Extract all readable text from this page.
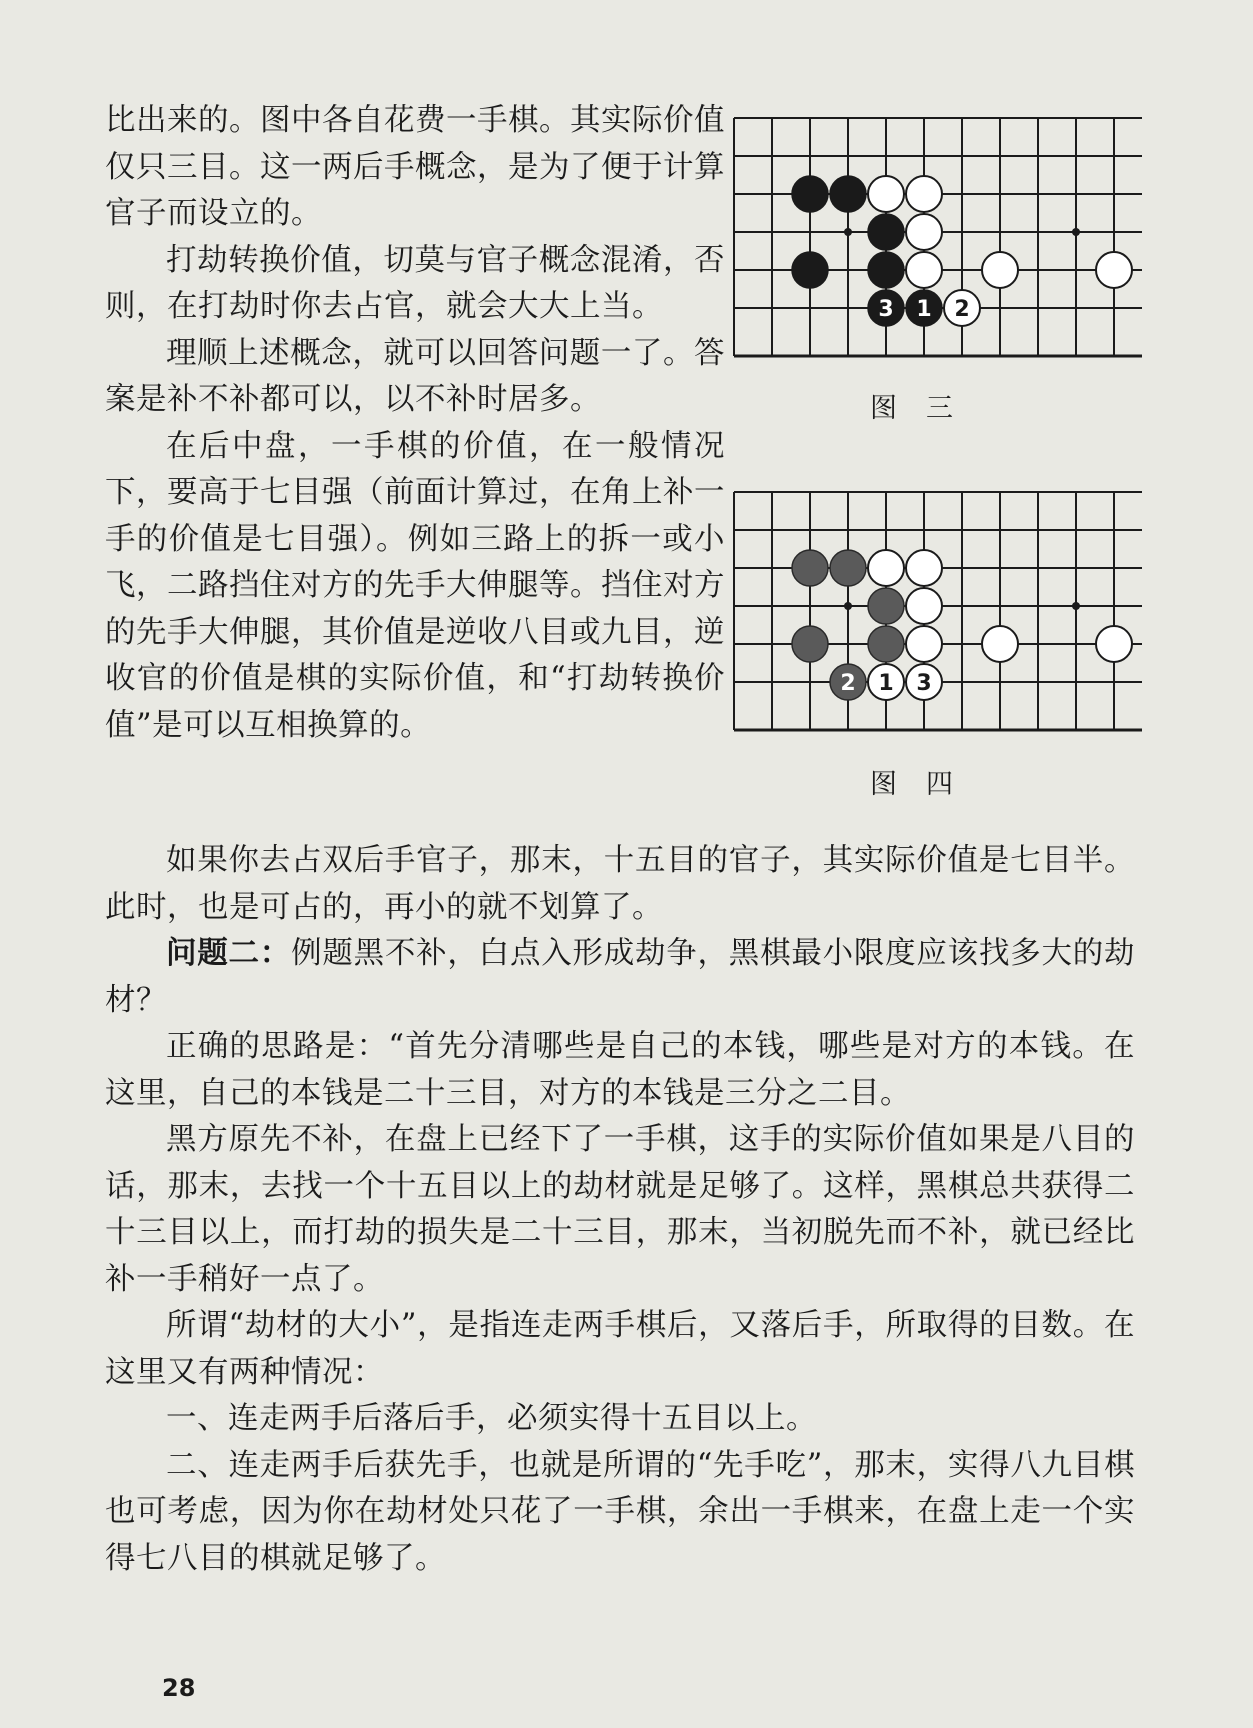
比出来的。图中各自花费一手棋。其实际价值仅只三目。这一两后手概念，是为了便于计算官子而设立的。

打劫转换价值，切莫与官子概念混淆，否则，在打劫时你去占官，就会大大上当。

理顺上述概念，就可以回答问题一了。答案是补不补都可以，以不补时居多。

在后中盘，一手棋的价值，在一般情况下，要高于七目强（前面计算过，在角上补一手的价值是七目强）。例如三路上的拆一或小飞，二路挡住对方的先手大伸腿等。挡住对方的先手大伸腿，其价值是逆收八目或九目，逆收官的价值是棋的实际价值，和“打劫转换价值”是可以互相换算的。

3 1 2
图　三
2 1 3
图　四

如果你去占双后手官子，那末，十五目的官子，其实际价值是七目半。此时，也是可占的，再小的就不划算了。

问题二：例题黑不补，白点入形成劫争，黑棋最小限度应该找多大的劫材？

正确的思路是：“首先分清哪些是自己的本钱，哪些是对方的本钱。在这里，自己的本钱是二十三目，对方的本钱是三分之二目。

黑方原先不补，在盘上已经下了一手棋，这手的实际价值如果是八目的话，那末，去找一个十五目以上的劫材就是足够了。这样，黑棋总共获得二十三目以上，而打劫的损失是二十三目，那末，当初脱先而不补，就已经比补一手稍好一点了。

所谓“劫材的大小”，是指连走两手棋后，又落后手，所取得的目数。在这里又有两种情况：

一、连走两手后落后手，必须实得十五目以上。

二、连走两手后获先手，也就是所谓的“先手吃”，那末，实得八九目棋也可考虑，因为你在劫材处只花了一手棋，余出一手棋来，在盘上走一个实得七八目的棋就足够了。

28
